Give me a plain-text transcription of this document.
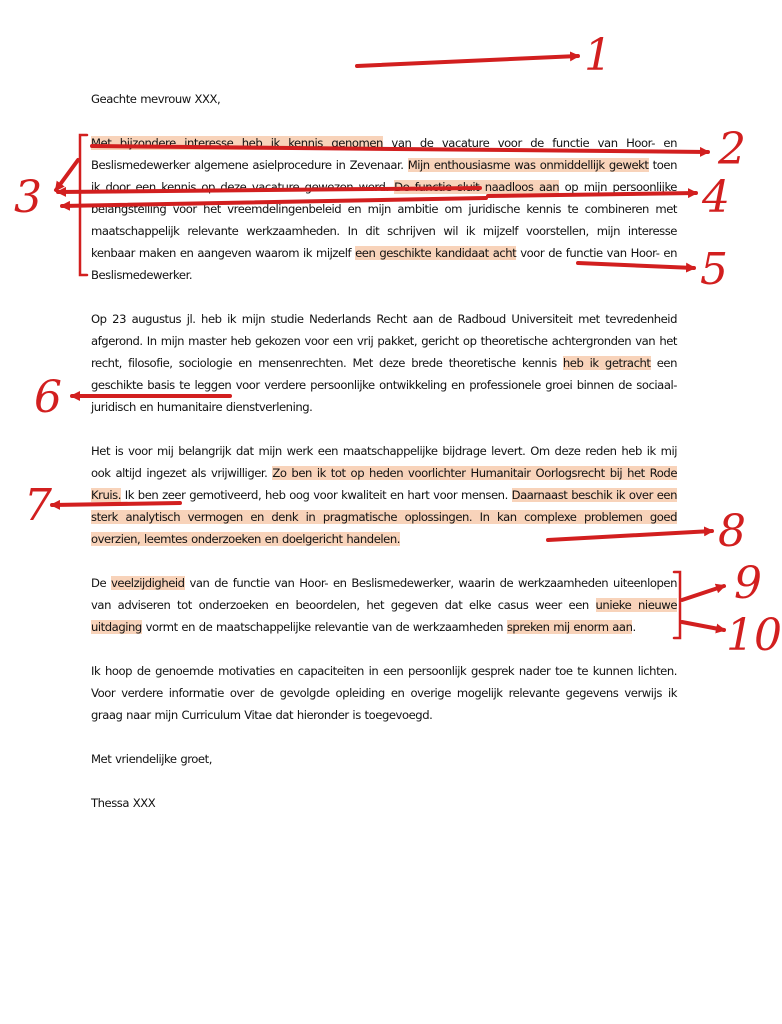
Geachte mevrouw XXX,

Met bijzondere interesse heb ik kennis genomen van de vacature voor de functie van Hoor- en Beslismedewerker algemene asielprocedure in Zevenaar. Mijn enthousiasme was onmiddellijk gewekt toen ik door een kennis op deze vacature gewezen werd. De functie sluit naadloos aan op mijn persoonlijke belangstelling voor het vreemdelingenbeleid en mijn ambitie om juridische kennis te combineren met maatschappelijk relevante werkzaamheden. In dit schrijven wil ik mijzelf voorstellen, mijn interesse kenbaar maken en aangeven waarom ik mijzelf een geschikte kandidaat acht voor de functie van Hoor- en Beslismedewerker.

Op 23 augustus jl. heb ik mijn studie Nederlands Recht aan de Radboud Universiteit met tevredenheid afgerond. In mijn master heb gekozen voor een vrij pakket, gericht op theoretische achtergronden van het recht, filosofie, sociologie en mensenrechten. Met deze brede theoretische kennis heb ik getracht een geschikte basis te leggen voor verdere persoonlijke ontwikkeling en professionele groei binnen de sociaal-juridisch en humanitaire dienstverlening.

Het is voor mij belangrijk dat mijn werk een maatschappelijke bijdrage levert. Om deze reden heb ik mij ook altijd ingezet als vrijwilliger. Zo ben ik tot op heden voorlichter Humanitair Oorlogsrecht bij het Rode Kruis. Ik ben zeer gemotiveerd, heb oog voor kwaliteit en hart voor mensen. Daarnaast beschik ik over een sterk analytisch vermogen en denk in pragmatische oplossingen. In kan complexe problemen goed overzien, leemtes onderzoeken en doelgericht handelen.

De veelzijdigheid van de functie van Hoor- en Beslismedewerker, waarin de werkzaamheden uiteenlopen van adviseren tot onderzoeken en beoordelen, het gegeven dat elke casus weer een unieke nieuwe uitdaging vormt en de maatschappelijke relevantie van de werkzaamheden spreken mij enorm aan.

Ik hoop de genoemde motivaties en capaciteiten in een persoonlijk gesprek nader toe te kunnen lichten. Voor verdere informatie over de gevolgde opleiding en overige mogelijk relevante gegevens verwijs ik graag naar mijn Curriculum Vitae dat hieronder is toegevoegd.

Met vriendelijke groet,

Thessa XXX

1
2
3	4
5
6
7
8
9
10
